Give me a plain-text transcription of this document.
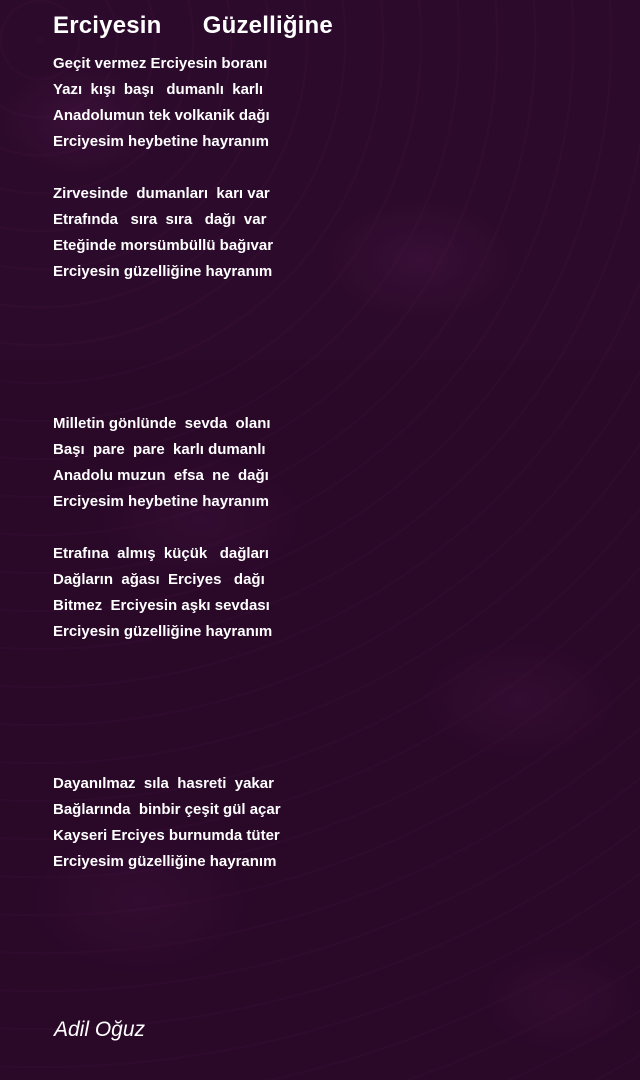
Erciyesin      Güzelliğine
Geçit vermez Erciyesin boranı
Yazı  kışı  başı   dumanlı  karlı
Anadolumun tek volkanik dağı
Erciyesim heybetine hayranım
Zirvesinde  dumanları  karı var
Etrafında   sıra  sıra   dağı  var
Eteğinde morsümbüllü bağıvar
Erciyesin güzelliğine hayranım
Milletin gönlünde  sevda  olanı
Başı  pare  pare  karlı dumanlı
Anadolu muzun  efsa  ne  dağı
Erciyesim heybetine hayranım
Etrafına  almış  küçük   dağları
Dağların  ağası  Erciyes   dağı
Bitmez  Erciyesin aşkı sevdası
Erciyesin güzelliğine hayranım
Dayanılmaz  sıla  hasreti  yakar
Bağlarında  binbir çeşit gül açar
Kayseri Erciyes burnumda tüter
Erciyesim güzelliğine hayranım

Adil Oğuz
